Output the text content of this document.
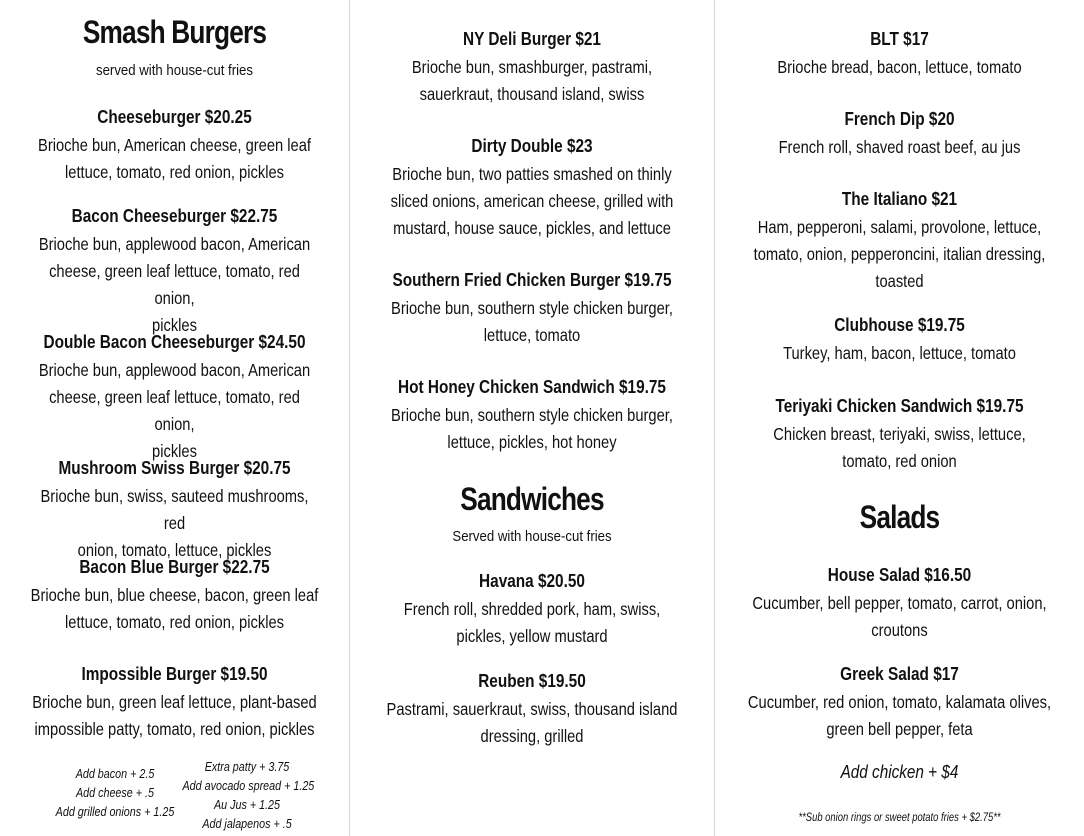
Smash Burgers
served with house-cut fries
Cheeseburger $20.25
Brioche bun, American cheese, green leaf
lettuce, tomato, red onion, pickles
Bacon Cheeseburger $22.75
Brioche bun, applewood bacon, American
cheese, green leaf lettuce, tomato, red onion,
pickles
Double Bacon Cheeseburger $24.50
Brioche bun, applewood bacon, American
cheese, green leaf lettuce, tomato, red onion,
pickles
Mushroom Swiss Burger $20.75
Brioche bun, swiss, sauteed mushrooms, red
onion, tomato, lettuce, pickles
Bacon Blue Burger $22.75
Brioche bun, blue cheese, bacon, green leaf
lettuce, tomato, red onion, pickles
Impossible Burger $19.50
Brioche bun, green leaf lettuce, plant-based
impossible patty, tomato, red onion, pickles
Add bacon + 2.5
Add cheese + .5
Add grilled onions + 1.25
Extra patty + 3.75
Add avocado spread + 1.25
Au Jus + 1.25
Add jalapenos + .5
NY Deli Burger $21
Brioche bun, smashburger, pastrami,
sauerkraut, thousand island, swiss
Dirty Double $23
Brioche bun, two patties smashed on thinly
sliced onions, american cheese, grilled with
mustard, house sauce, pickles, and lettuce
Southern Fried Chicken Burger $19.75
Brioche bun, southern style chicken burger,
lettuce, tomato
Hot Honey Chicken Sandwich $19.75
Brioche bun, southern style chicken burger,
lettuce, pickles, hot honey
Sandwiches
Served with house-cut fries
Havana $20.50
French roll, shredded pork, ham, swiss,
pickles, yellow mustard
Reuben $19.50
Pastrami, sauerkraut, swiss, thousand island
dressing, grilled
BLT $17
Brioche bread, bacon, lettuce, tomato
French Dip $20
French roll, shaved roast beef, au jus
The Italiano $21
Ham, pepperoni, salami, provolone, lettuce,
tomato, onion, pepperoncini, italian dressing,
toasted
Clubhouse $19.75
Turkey, ham, bacon, lettuce, tomato
Teriyaki Chicken Sandwich $19.75
Chicken breast, teriyaki, swiss, lettuce,
tomato, red onion
Salads
House Salad $16.50
Cucumber, bell pepper, tomato, carrot, onion,
croutons
Greek Salad $17
Cucumber, red onion, tomato, kalamata olives,
green bell pepper, feta
Add chicken + $4
**Sub onion rings or sweet potato fries + $2.75**
